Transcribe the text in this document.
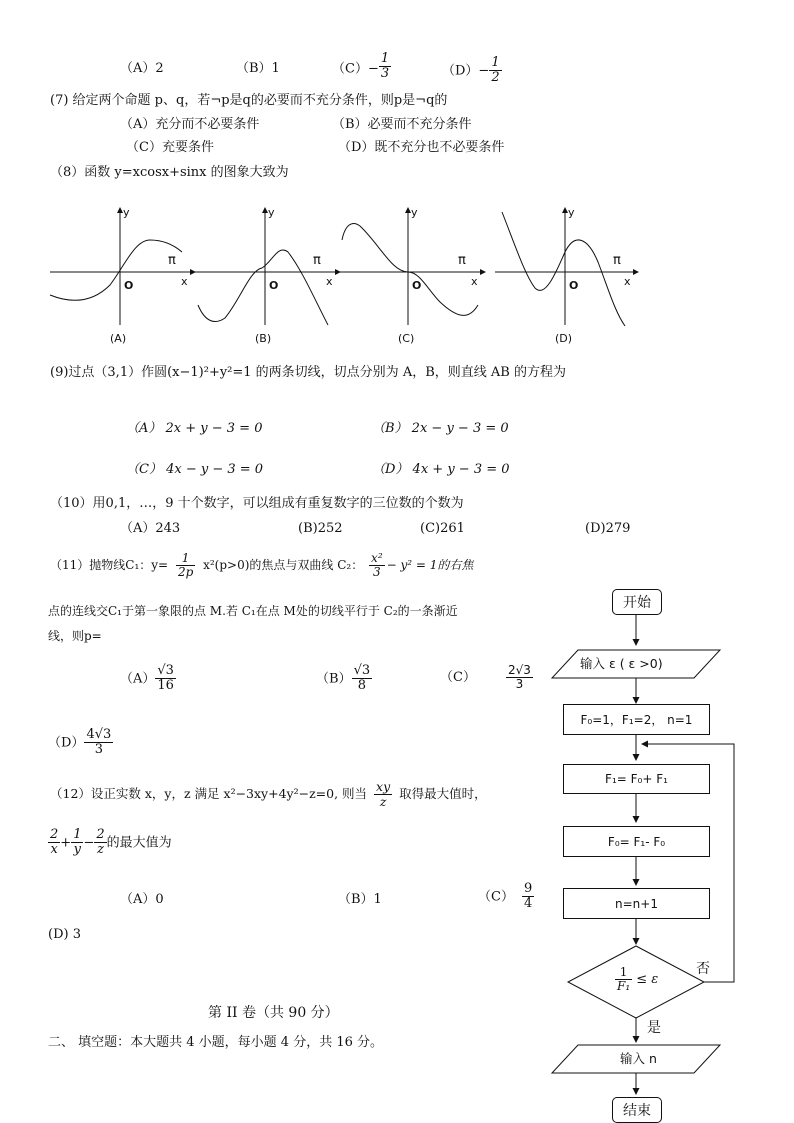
（A）2	（B）1	$(C)- \frac{1}{3}$	$(D)- \frac{1}{2}$
(7) 给定两个命题 p、q，若¬p是q的必要而不充分条件，则p是¬q的
（A）充分而不必要条件	（B）必要而不充分条件
（C）充要条件	（D）既不充分也不必要条件
（8）函数 y=xcosx+sinx 的图象大致为
π
x
y
O
(A)
π
x
y
O
(B)
π
x
y
O
(C)
π
x
y
O
(D)
(9)过点（3,1）作圆(x−1)²+y²=1 的两条切线，切点分别为 A，B，则直线 AB 的方程为
（A） 2x + y − 3 = 0	（B） 2x − y − 3 = 0
（C） 4x − y − 3 = 0	（D） 4x + y − 3 = 0
（10）用0,1，…，9 十个数字，可以组成有重复数字的三位数的个数为
（A）243	(B)252	(C)261	(D)279
（11）抛物线C₁：$y= \frac{1}{2p} x^2(p>0)$的焦点与双曲线 C₂： $\frac{\text{x²}}{3} - y^2 = 1$的右焦
点的连线交C₁于第一象限的点 M.若 C₁在点 M处的切线平行于 C₂的一条渐近
线，则p=
$(A) \frac{√3}{16}$	$(B) \frac{√3}{8}$	（C）	$\frac{2√3}{3}$
$(D) \frac{4√3}{3}$
（12）设正实数 x，y，z 满足 x²−3xy+4y²−z=0, 则当 $\frac{xy}{z}$ 取得最大值时，
$\frac{2}{x} + \frac{1}{y} - \frac{2}{z}$ 的最大值为
（A）0	（B）1	$(C) \frac{9}{4}$
(D) 3
第 II 卷（共 90 分）
二、 填空题：本大题共 4 小题，每小题 4 分，共 16 分。
开始
输入 ε ( ε >0)
F₀=1，F₁=2， n=1
F₁= F₀+ F₁
F₀= F₁- F₀
n=n+1
$\frac{1}{\text{F₁}} \le \varepsilon$
否
是
输入 n
结束
